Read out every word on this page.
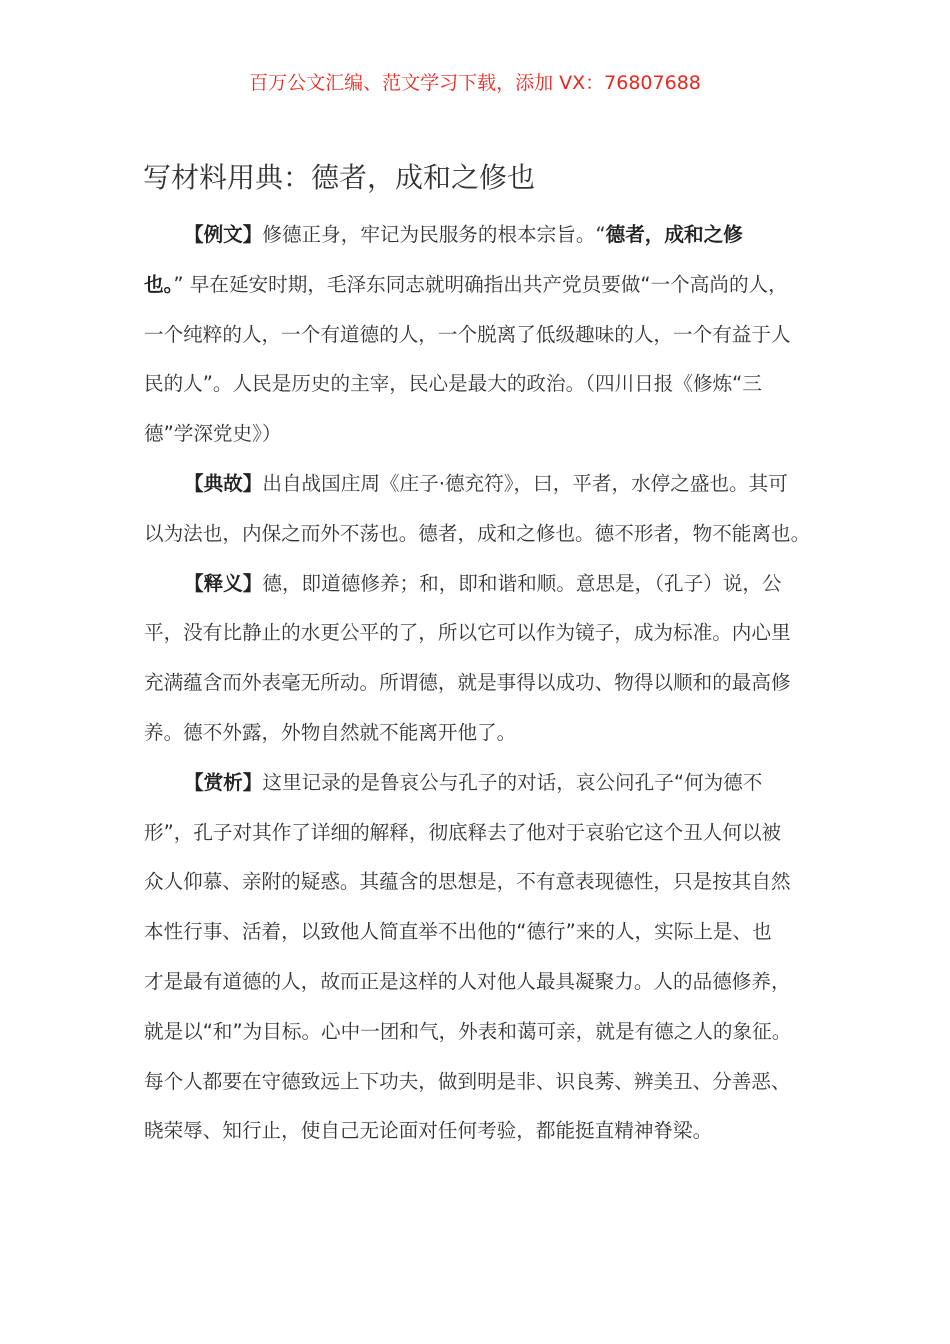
百万公文汇编、范文学习下载，添加 VX：76807688
写材料用典：德者，成和之修也
【例文】修德正身，牢记为民服务的根本宗旨。“德者，成和之修
也。” 早在延安时期，毛泽东同志就明确指出共产党员要做“一个高尚的人，
一个纯粹的人，一个有道德的人，一个脱离了低级趣味的人，一个有益于人
民的人”。人民是历史的主宰，民心是最大的政治。（四川日报《修炼“三
德”学深党史》）
【典故】出自战国庄周《庄子·德充符》，曰，平者，水停之盛也。其可
以为法也，内保之而外不荡也。德者，成和之修也。德不形者，物不能离也。
【释义】德，即道德修养；和，即和谐和顺。意思是，（孔子）说，公
平，没有比静止的水更公平的了，所以它可以作为镜子，成为标准。内心里
充满蕴含而外表毫无所动。所谓德，就是事得以成功、物得以顺和的最高修
养。德不外露，外物自然就不能离开他了。
【赏析】这里记录的是鲁哀公与孔子的对话，哀公问孔子“何为德不
形”，孔子对其作了详细的解释，彻底释去了他对于哀骀它这个丑人何以被
众人仰慕、亲附的疑惑。其蕴含的思想是，不有意表现德性，只是按其自然
本性行事、活着，以致他人简直举不出他的“德行”来的人，实际上是、也
才是最有道德的人，故而正是这样的人对他人最具凝聚力。人的品德修养，
就是以“和”为目标。心中一团和气，外表和蔼可亲，就是有德之人的象征。
每个人都要在守德致远上下功夫，做到明是非、识良莠、辨美丑、分善恶、
晓荣辱、知行止，使自己无论面对任何考验，都能挺直精神脊梁。
